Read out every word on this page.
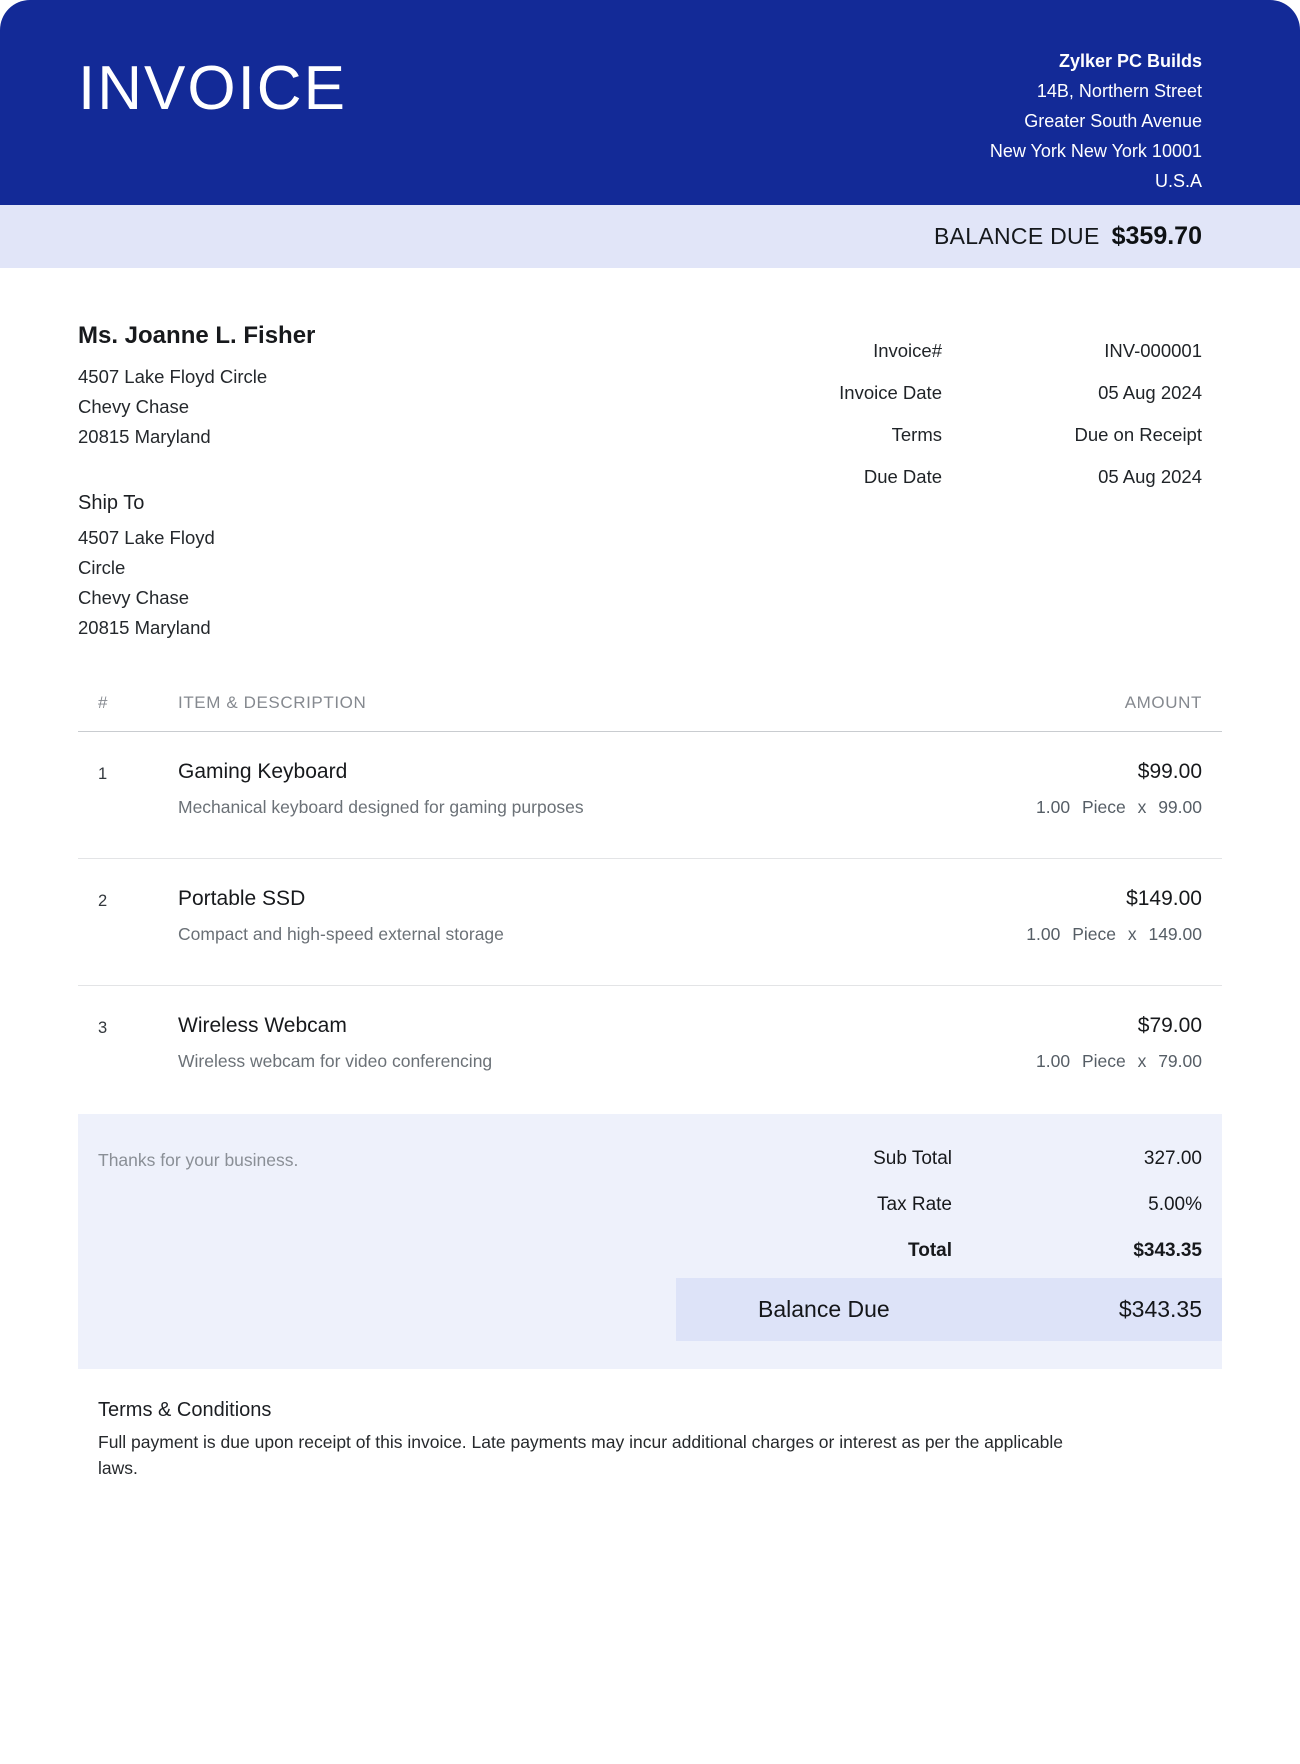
INVOICE	Zylker PC Builds
14B, Northern Street
Greater South Avenue
New York New York 10001
U.S.A
BALANCE DUE $359.70
Ms. Joanne L. Fisher
4507 Lake Floyd Circle
Chevy Chase
20815 Maryland
Ship To
4507 Lake Floyd
Circle
Chevy Chase
20815 Maryland
Invoice#	INV-000001
Invoice Date	05 Aug 2024
Terms	Due on Receipt
Due Date	05 Aug 2024
#	ITEM & DESCRIPTION	AMOUNT
1	Gaming Keyboard	$99.00
Mechanical keyboard designed for gaming purposes	1.00 Piece x 99.00
2	Portable SSD	$149.00
Compact and high-speed external storage	1.00 Piece x 149.00
3	Wireless Webcam	$79.00
Wireless webcam for video conferencing	1.00 Piece x 79.00
Thanks for your business.	Sub Total	327.00
Tax Rate	5.00%
Total	$343.35
Balance Due	$343.35
Terms & Conditions
Full payment is due upon receipt of this invoice. Late payments may incur additional charges or interest as per the applicable laws.
